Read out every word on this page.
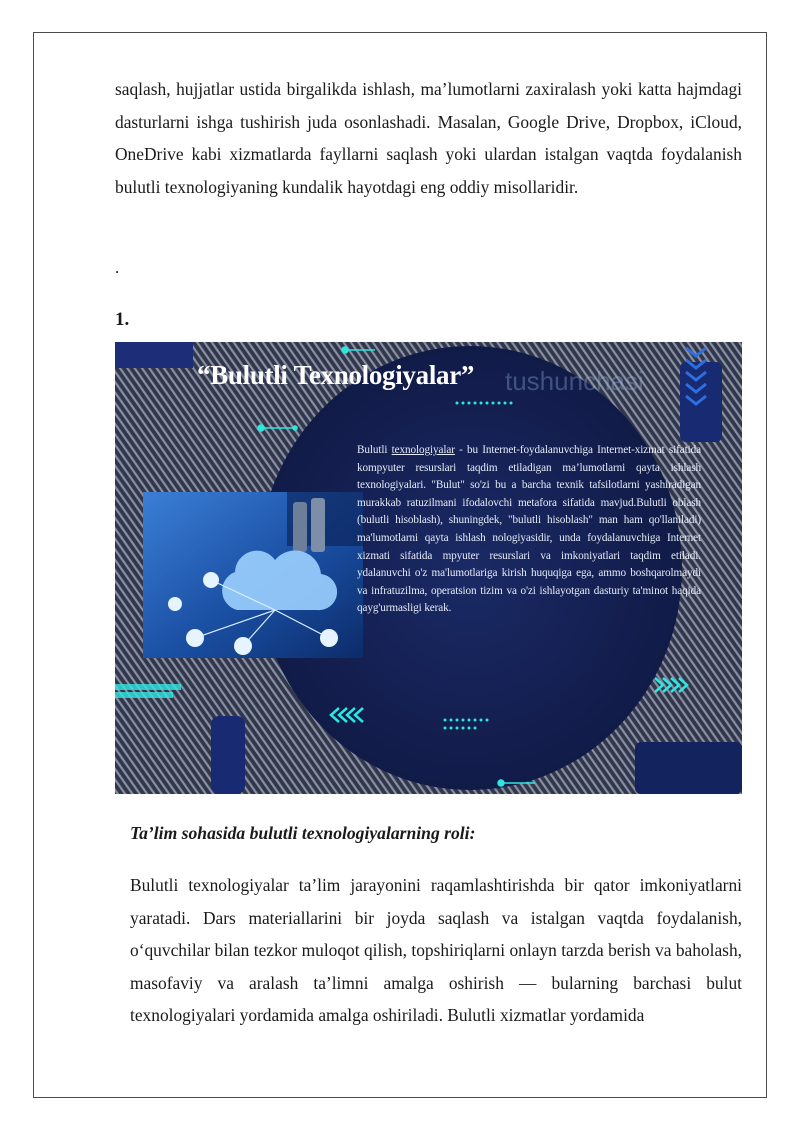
saqlash, hujjatlar ustida birgalikda ishlash, ma’lumotlarni zaxiralash yoki katta hajmdagi dasturlarni ishga tushirish juda osonlashadi. Masalan, Google Drive, Dropbox, iCloud, OneDrive kabi xizmatlarda fayllarni saqlash yoki ulardan istalgan vaqtda foydalanish bulutli texnologiyaning kundalik hayotdagi eng oddiy misollaridir.

.

1.

“Bulutli Texnologiyalar” tushunchasi

Bulutli texnologiyalar - bu Internet-foydalanuvchiga Internet-xizmat sifatida kompyuter resurslari taqdim etiladigan ma’lumotlarni qayta ishlash texnologiyalari. "Bulut" so'zi bu a barcha texnik tafsilotlarni yashiradigan murakkab ratuzilmani ifodalovchi metafora sifatida mavjud.Bulutli oblash (bulutli hisoblash), shuningdek, "bulutli hisoblash" man ham qo'llaniladi) ma'lumotlarni qayta ishlash nologiyasidir, unda foydalanuvchiga Internet xizmati sifatida mpyuter resurslari va imkoniyatlari taqdim etiladi. ydalanuvchi o'z ma'lumotlariga kirish huquqiga ega, ammo boshqarolmaydi va infratuzilma, operatsion tizim va o'zi ishlayotgan dasturiy ta'minot haqida qayg'urmasligi kerak.

Ta’lim sohasida bulutli texnologiyalarning roli:

Bulutli texnologiyalar ta’lim jarayonini raqamlashtirishda bir qator imkoniyatlarni yaratadi. Dars materiallarini bir joyda saqlash va istalgan vaqtda foydalanish, o‘quvchilar bilan tezkor muloqot qilish, topshiriqlarni onlayn tarzda berish va baholash, masofaviy va aralash ta’limni amalga oshirish — bularning barchasi bulut texnologiyalari yordamida amalga oshiriladi. Bulutli xizmatlar yordamida
